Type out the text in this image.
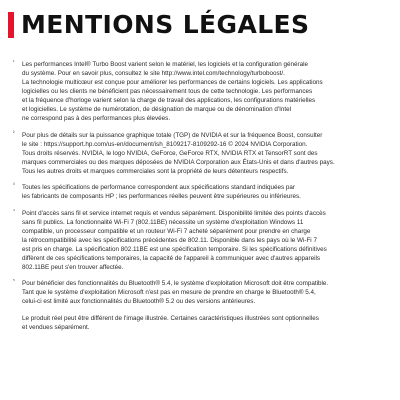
MENTIONS LÉGALES
¹ Les performances Intel® Turbo Boost varient selon le matériel, les logiciels et la configuration générale

du système. Pour en savoir plus, consultez le site http://www.intel.com/technology/turboboost/.

La technologie multicœur est conçue pour améliorer les performances de certains logiciels. Les applications

logicielles ou les clients ne bénéficient pas nécessairement tous de cette technologie. Les performances

et la fréquence d'horloge varient selon la charge de travail des applications, les configurations matérielles

et logicielles. Le système de numérotation, de désignation de marque ou de dénomination d'Intel

ne correspond pas à des performances plus élevées.

² Pour plus de détails sur la puissance graphique totale (TGP) de NVIDIA et sur la fréquence Boost, consulter

le site : https://support.hp.com/us-en/document/ish_8109217-8109292-16 © 2024 NVIDIA Corporation.

Tous droits réservés. NVIDIA, le logo NVIDIA, GeForce, GeForce RTX, NVIDIA RTX et TensorRT sont des

marques commerciales ou des marques déposées de NVIDIA Corporation aux États-Unis et dans d'autres pays.

Tous les autres droits et marques commerciales sont la propriété de leurs détenteurs respectifs.

³ Toutes les spécifications de performance correspondent aux spécifications standard indiquées par

les fabricants de composants HP ; les performances réelles peuvent être supérieures ou inférieures.

⁴ Point d'accès sans fil et service internet requis et vendus séparément. Disponibilité limitée des points d'accès

sans fil publics. La fonctionnalité Wi-Fi 7 (802.11BE) nécessite un système d'exploitation Windows 11

compatible, un processeur compatible et un routeur Wi-Fi 7 acheté séparément pour prendre en charge

la rétrocompatibilité avec les spécifications précédentes de 802.11. Disponible dans les pays où le Wi-Fi 7

est pris en charge. La spécification 802.11BE est une spécification temporaire. Si les spécifications définitives

diffèrent de ces spécifications temporaires, la capacité de l'appareil à communiquer avec d'autres appareils

802.11BE peut s'en trouver affectée.

⁵ Pour bénéficier des fonctionnalités du Bluetooth® 5.4, le système d'exploitation Microsoft doit être compatible.

Tant que le système d'exploitation Microsoft n'est pas en mesure de prendre en charge le Bluetooth® 5.4,

celui-ci est limité aux fonctionnalités du Bluetooth® 5.2 ou des versions antérieures.

Le produit réel peut être différent de l'image illustrée. Certaines caractéristiques illustrées sont optionnelles

et vendues séparément.
